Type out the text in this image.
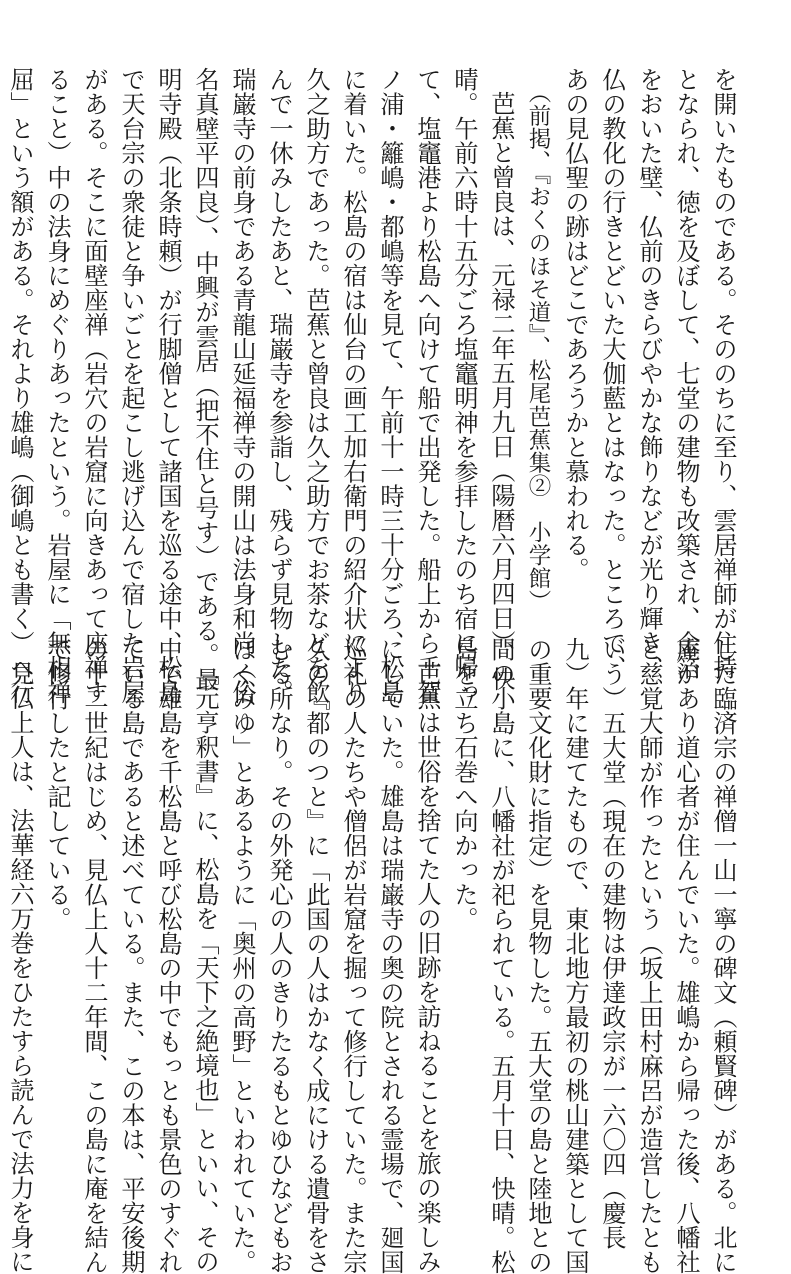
を開いたものである。そののちに至り、雲居禅師が住持
となられ、徳を及ぼして、七堂の建物も改築され、金箔
をおいた壁、仏前のきらびやかな飾りなどが光り輝き、
仏の教化の行きとどいた大伽藍とはなった。ところで、
あの見仏聖の跡はどこであろうかと慕われる。
（前掲、『おくのほそ道』、松尾芭蕉集②　小学館）
芭蕉と曾良は、元禄二年五月九日（陽暦六月四日）、快
晴。午前六時十五分ごろ塩竈明神を参拝したのち宿に帰っ
て、塩竈港より松島へ向けて船で出発した。船上から千賀
ノ浦・籬嶋・都嶋等を見て、午前十一時三十分ごろ、松島
に着いた。松島の宿は仙台の画工加右衛門の紹介状により
久之助方であった。芭蕉と曾良は久之助方でお茶などを飲
んで一休みしたあと、瑞巌寺を参詣し、残らず見物した。
瑞巌寺の前身である青龍山延福禅寺の開山は法身和尚（俗
名真壁平四良）、中興が雲居（把不住と号す）である。最
明寺殿（北条時頼）が行脚僧として諸国を巡る途中、松島
で天台宗の衆徒と争いごとを起こし逃げ込んで宿した岩屋
がある。そこに面壁座禅（岩穴の岩窟に向きあって座禅す
ること）中の法身にめぐりあったという。岩屋に「無相禅
屈」という額がある。それより雄嶋（御嶋とも書く）へ行
した臨済宗の禅僧一山一寧の碑文（頼賢碑）がある。北に
庵があり道心者が住んでいた。雄嶋から帰った後、八幡社
と慈覚大師が作ったという（坂上田村麻呂が造営したとも
いう）五大堂（現在の建物は伊達政宗が一六〇四（慶長
九）年に建てたもので、東北地方最初の桃山建築として国
の重要文化財に指定）を見物した。五大堂の島と陸地との
間の小島に、八幡社が祀られている。五月十日、快晴。松
島を立ち石巻へ向かった。
芭蕉は世俗を捨てた人の旧跡を訪ねることを旅の楽しみ
にしていた。雄島は瑞巌寺の奥の院とされる霊場で、廻国
巡礼の人たちや僧侶が岩窟を掘って修行していた。また宗
久の『都のつと』に「此国の人はかなく成にける遺骨をさ
むる所なり。その外発心の人のきりたるもとゆひなどもお
ほくみゆ」とあるように「奥州の高野」といわれていた。
『元亨釈書』に、松島を「天下之絶境也」といい、その
中で雄島を千松島と呼び松島の中でもっとも景色のすぐれ
ている島であると述べている。また、この本は、平安後期
の十二世紀はじめ、見仏上人十二年間、この島に庵を結ん
で修行したと記している。
見仏上人は、法華経六万巻をひたすら読んで法力を身に
